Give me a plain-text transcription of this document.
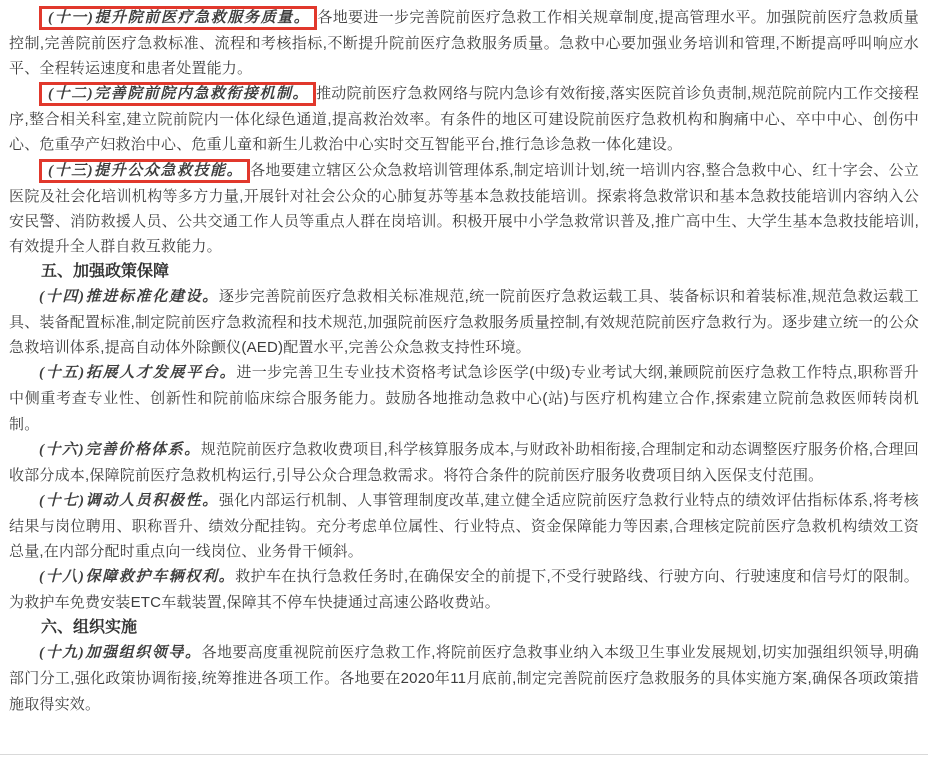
(十一)提升院前医疗急救服务质量。 各地要进一步完善院前医疗急救工作相关规章制度,提高管理水平。加强院前医疗急救质量控制,完善院前医疗急救标准、流程和考核指标,不断提升院前医疗急救服务质量。急救中心要加强业务培训和管理,不断提高呼叫响应水平、全程转运速度和患者处置能力。

(十二)完善院前院内急救衔接机制。 推动院前医疗急救网络与院内急诊有效衔接,落实医院首诊负责制,规范院前院内工作交接程序,整合相关科室,建立院前院内一体化绿色通道,提高救治效率。有条件的地区可建设院前医疗急救机构和胸痛中心、卒中中心、创伤中心、危重孕产妇救治中心、危重儿童和新生儿救治中心实时交互智能平台,推行急诊急救一体化建设。

(十三)提升公众急救技能。 各地要建立辖区公众急救培训管理体系,制定培训计划,统一培训内容,整合急救中心、红十字会、公立医院及社会化培训机构等多方力量,开展针对社会公众的心肺复苏等基本急救技能培训。探索将急救常识和基本急救技能培训内容纳入公安民警、消防救援人员、公共交通工作人员等重点人群在岗培训。积极开展中小学急救常识普及,推广高中生、大学生基本急救技能培训,有效提升全人群自救互救能力。

五、加强政策保障

(十四)推进标准化建设。逐步完善院前医疗急救相关标准规范,统一院前医疗急救运载工具、装备标识和着装标准,规范急救运载工具、装备配置标准,制定院前医疗急救流程和技术规范,加强院前医疗急救服务质量控制,有效规范院前医疗急救行为。逐步建立统一的公众急救培训体系,提高自动体外除颤仪(AED)配置水平,完善公众急救支持性环境。

(十五)拓展人才发展平台。进一步完善卫生专业技术资格考试急诊医学(中级)专业考试大纲,兼顾院前医疗急救工作特点,职称晋升中侧重考查专业性、创新性和院前临床综合服务能力。鼓励各地推动急救中心(站)与医疗机构建立合作,探索建立院前急救医师转岗机制。

(十六)完善价格体系。规范院前医疗急救收费项目,科学核算服务成本,与财政补助相衔接,合理制定和动态调整医疗服务价格,合理回收部分成本,保障院前医疗急救机构运行,引导公众合理急救需求。将符合条件的院前医疗服务收费项目纳入医保支付范围。

(十七)调动人员积极性。强化内部运行机制、人事管理制度改革,建立健全适应院前医疗急救行业特点的绩效评估指标体系,将考核结果与岗位聘用、职称晋升、绩效分配挂钩。充分考虑单位属性、行业特点、资金保障能力等因素,合理核定院前医疗急救机构绩效工资总量,在内部分配时重点向一线岗位、业务骨干倾斜。

(十八)保障救护车辆权利。救护车在执行急救任务时,在确保安全的前提下,不受行驶路线、行驶方向、行驶速度和信号灯的限制。为救护车免费安装ETC车载装置,保障其不停车快捷通过高速公路收费站。

六、组织实施

(十九)加强组织领导。各地要高度重视院前医疗急救工作,将院前医疗急救事业纳入本级卫生事业发展规划,切实加强组织领导,明确部门分工,强化政策协调衔接,统筹推进各项工作。各地要在2020年11月底前,制定完善院前医疗急救服务的具体实施方案,确保各项政策措施取得实效。
